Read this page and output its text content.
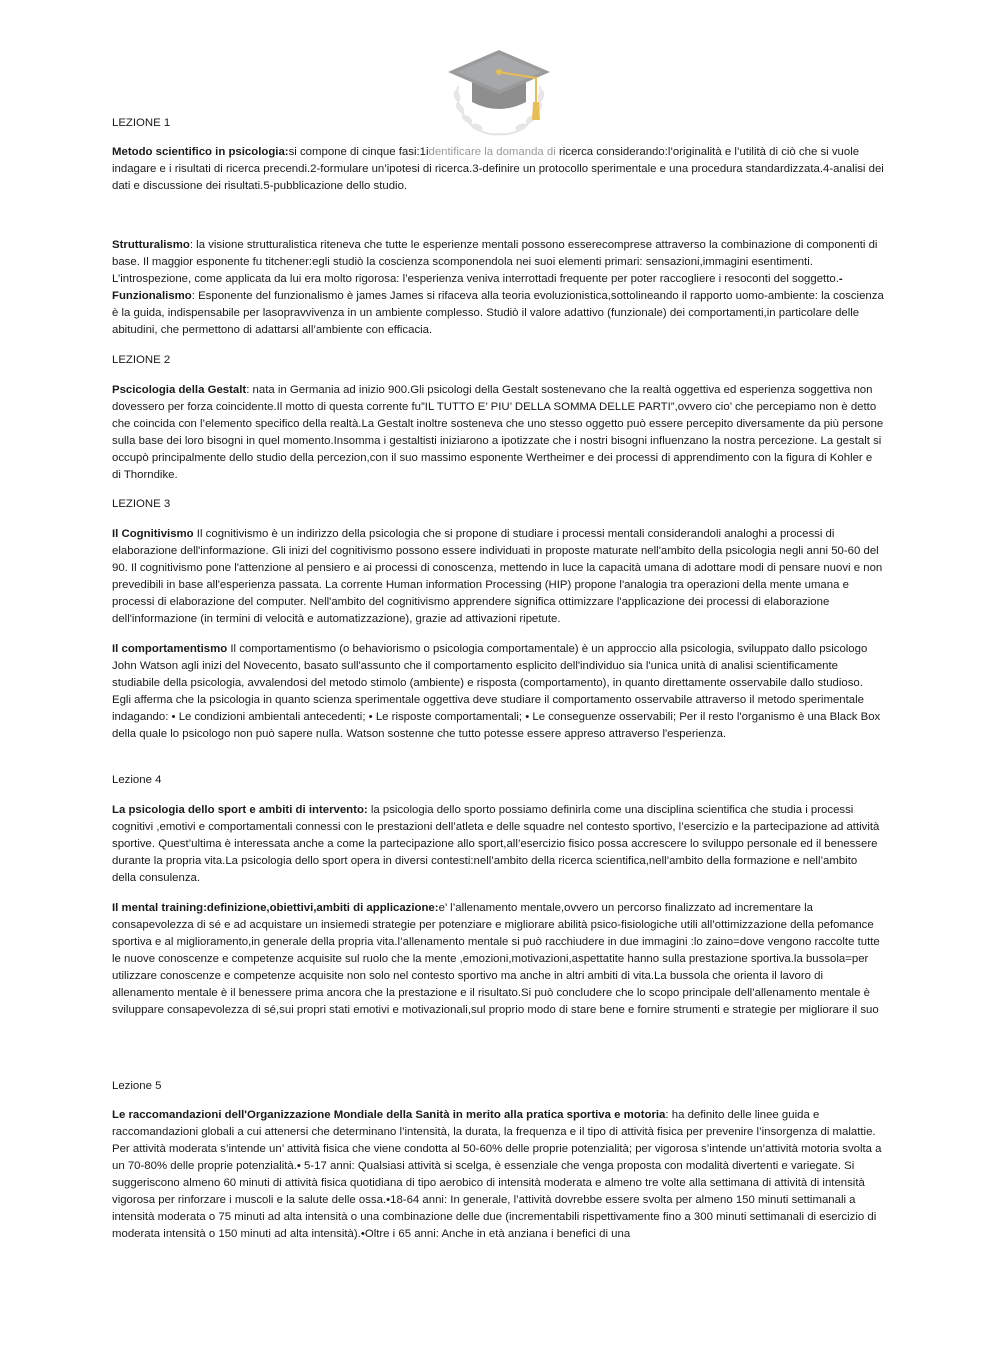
LEZIONE 1

Metodo scientifico in psicologia:si compone di cinque fasi:1identificare la domanda di ricerca considerando:l’originalità e l’utilità di ciò che si vuole indagare e i risultati di ricerca precendi.2-formulare un’ipotesi di ricerca.3-definire un protocollo sperimentale e una procedura standardizzata.4-analisi dei dati e discussione dei risultati.5-pubblicazione dello studio.

Strutturalismo: la visione strutturalistica riteneva che tutte le esperienze mentali possono esserecomprese attraverso la combinazione di componenti di base. Il maggior esponente fu titchener:egli studiò la coscienza scomponendola nei suoi elementi primari: sensazioni,immagini esentimenti. L’introspezione, come applicata da lui era molto rigorosa: l’esperienza veniva interrottadi frequente per poter raccogliere i resoconti del soggetto.- Funzionalismo: Esponente del funzionalismo è james James si rifaceva alla teoria evoluzionistica,sottolineando il rapporto uomo-ambiente: la coscienza è la guida, indispensabile per lasopravvivenza in un ambiente complesso. Studiò il valore adattivo (funzionale) dei comportamenti,in particolare delle abitudini, che permettono di adattarsi all’ambiente con efficacia.

LEZIONE 2

Pscicologia della Gestalt: nata in Germania ad inizio 900.Gli psicologi della Gestalt sostenevano che la realtà oggettiva ed esperienza soggettiva non dovessero per forza coincidente.Il motto di questa corrente fu”IL TUTTO E’ PIU’ DELLA SOMMA DELLE PARTI”,ovvero cio’ che percepiamo non è detto che coincida con l’elemento specifico della realtà.La Gestalt inoltre sosteneva che uno stesso oggetto può essere percepito diversamente da più persone sulla base dei loro bisogni in quel momento.Insomma i gestaltisti iniziarono a ipotizzate che i nostri bisogni influenzano la nostra percezione. La gestalt si occupò principalmente dello studio della percezion,con il suo massimo esponente Wertheimer e dei processi di apprendimento con la figura di Kohler e di Thorndike.

LEZIONE 3

Il Cognitivismo Il cognitivismo è un indirizzo della psicologia che si propone di studiare i processi mentali considerandoli analoghi a processi di elaborazione dell'informazione. Gli inizi del cognitivismo possono essere individuati in proposte maturate nell'ambito della psicologia negli anni 50-60 del 90. Il cognitivismo pone l'attenzione al pensiero e ai processi di conoscenza, mettendo in luce la capacità umana di adottare modi di pensare nuovi e non prevedibili in base all'esperienza passata. La corrente Human information Processing (HIP) propone l'analogia tra operazioni della mente umana e processi di elaborazione del computer. Nell'ambito del cognitivismo apprendere significa ottimizzare l'applicazione dei processi di elaborazione dell'informazione (in termini di velocità e automatizzazione), grazie ad attivazioni ripetute.

Il comportamentismo Il comportamentismo (o behaviorismo o psicologia comportamentale) è un approccio alla psicologia, sviluppato dallo psicologo John Watson agli inizi del Novecento, basato sull'assunto che il comportamento esplicito dell'individuo sia l'unica unità di analisi scientificamente studiabile della psicologia, avvalendosi del metodo stimolo (ambiente) e risposta (comportamento), in quanto direttamente osservabile dallo studioso. Egli afferma che la psicologia in quanto scienza sperimentale oggettiva deve studiare il comportamento osservabile attraverso il metodo sperimentale indagando: • Le condizioni ambientali antecedenti; • Le risposte comportamentali; • Le conseguenze osservabili; Per il resto l'organismo è una Black Box della quale lo psicologo non può sapere nulla. Watson sostenne che tutto potesse essere appreso attraverso l'esperienza.

Lezione 4

La psicologia dello sport e ambiti di intervento: la psicologia dello sporto possiamo definirla come una disciplina scientifica che studia i processi cognitivi ,emotivi e comportamentali connessi con le prestazioni dell’atleta e delle squadre nel contesto sportivo, l’esercizio e la partecipazione ad attività sportive. Quest’ultima è interessata anche a come la partecipazione allo sport,all’esercizio fisico possa accrescere lo sviluppo personale ed il benessere durante la propria vita.La psicologia dello sport opera in diversi contesti:nell’ambito della ricerca scientifica,nell’ambito della formazione e nell’ambito della consulenza.

Il mental training:definizione,obiettivi,ambiti di applicazione:e’ l’allenamento mentale,ovvero un percorso finalizzato ad incrementare la consapevolezza di sé e ad acquistare un insiemedi strategie per potenziare e migliorare abilità psico-fisiologiche utili all’ottimizzazione della pefomance sportiva e al miglioramento,in generale della propria vita.l’allenamento mentale si può racchiudere in due immagini :lo zaino=dove vengono raccolte tutte le nuove conoscenze e competenze acquisite sul ruolo che la mente ,emozioni,motivazioni,aspettatite hanno sulla prestazione sportiva.la bussola=per utilizzare conoscenze e competenze acquisite non solo nel contesto sportivo ma anche in altri ambiti di vita.La bussola che orienta il lavoro di allenamento mentale è il benessere prima ancora che la prestazione e il risultato.Si può concludere che lo scopo principale dell’allenamento mentale è sviluppare consapevolezza di sé,sui propri stati emotivi e motivazionali,sul proprio modo di stare bene e fornire strumenti e strategie per migliorare il suo

Lezione 5

Le raccomandazioni dell'Organizzazione Mondiale della Sanità in merito alla pratica sportiva e motoria: ha definito delle linee guida e raccomandazioni globali a cui attenersi che determinano l’intensità, la durata, la frequenza e il tipo di attività fisica per prevenire l’insorgenza di malattie. Per attività moderata s’intende un’ attività fisica che viene condotta al 50-60% delle proprie potenzialità; per vigorosa s’intende un’attività motoria svolta a un 70-80% delle proprie potenzialità.• 5-17 anni: Qualsiasi attività si scelga, è essenziale che venga proposta con modalità divertenti e variegate. Si suggeriscono almeno 60 minuti di attività fisica quotidiana di tipo aerobico di intensità moderata e almeno tre volte alla settimana di attività di intensità vigorosa per rinforzare i muscoli e la salute delle ossa.•18-64 anni: In generale, l’attività dovrebbe essere svolta per almeno 150 minuti settimanali a intensità moderata o 75 minuti ad alta intensità o una combinazione delle due (incrementabili rispettivamente fino a 300 minuti settimanali di esercizio di moderata intensità o 150 minuti ad alta intensità).•Oltre i 65 anni: Anche in età anziana i benefici di una
